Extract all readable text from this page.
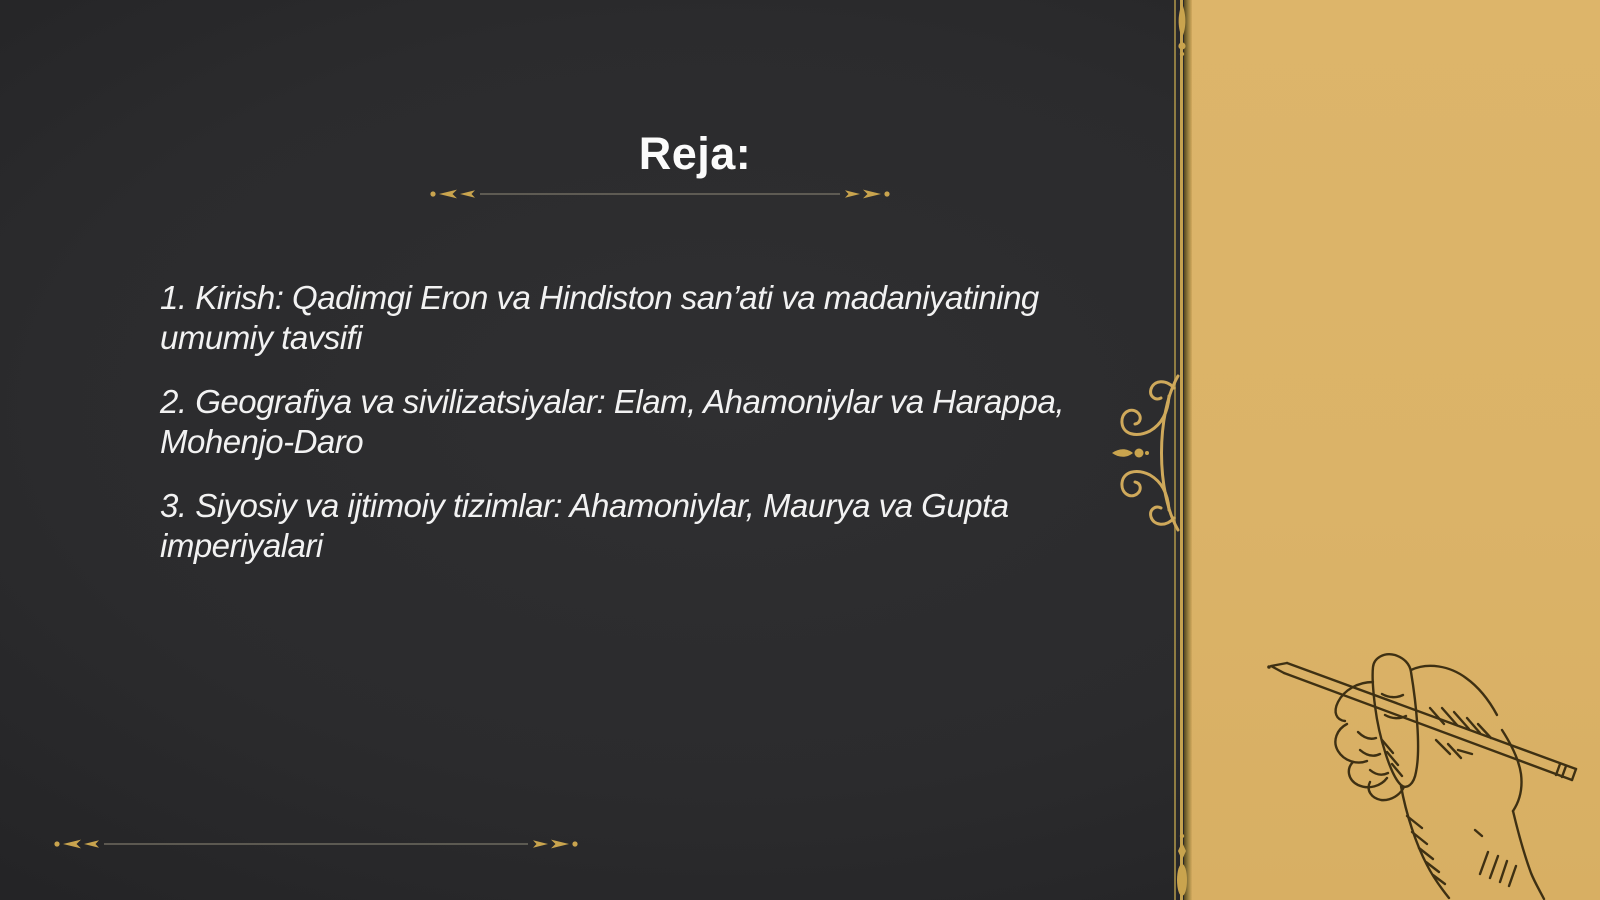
Reja:

1. Kirish: Qadimgi Eron va Hindiston san’ati va madaniyatining
umumiy tavsifi

2. Geografiya va sivilizatsiyalar: Elam, Ahamoniylar va Harappa,
Mohenjo-Daro

3. Siyosiy va ijtimoiy tizimlar: Ahamoniylar, Maurya va Gupta
imperiyalari
